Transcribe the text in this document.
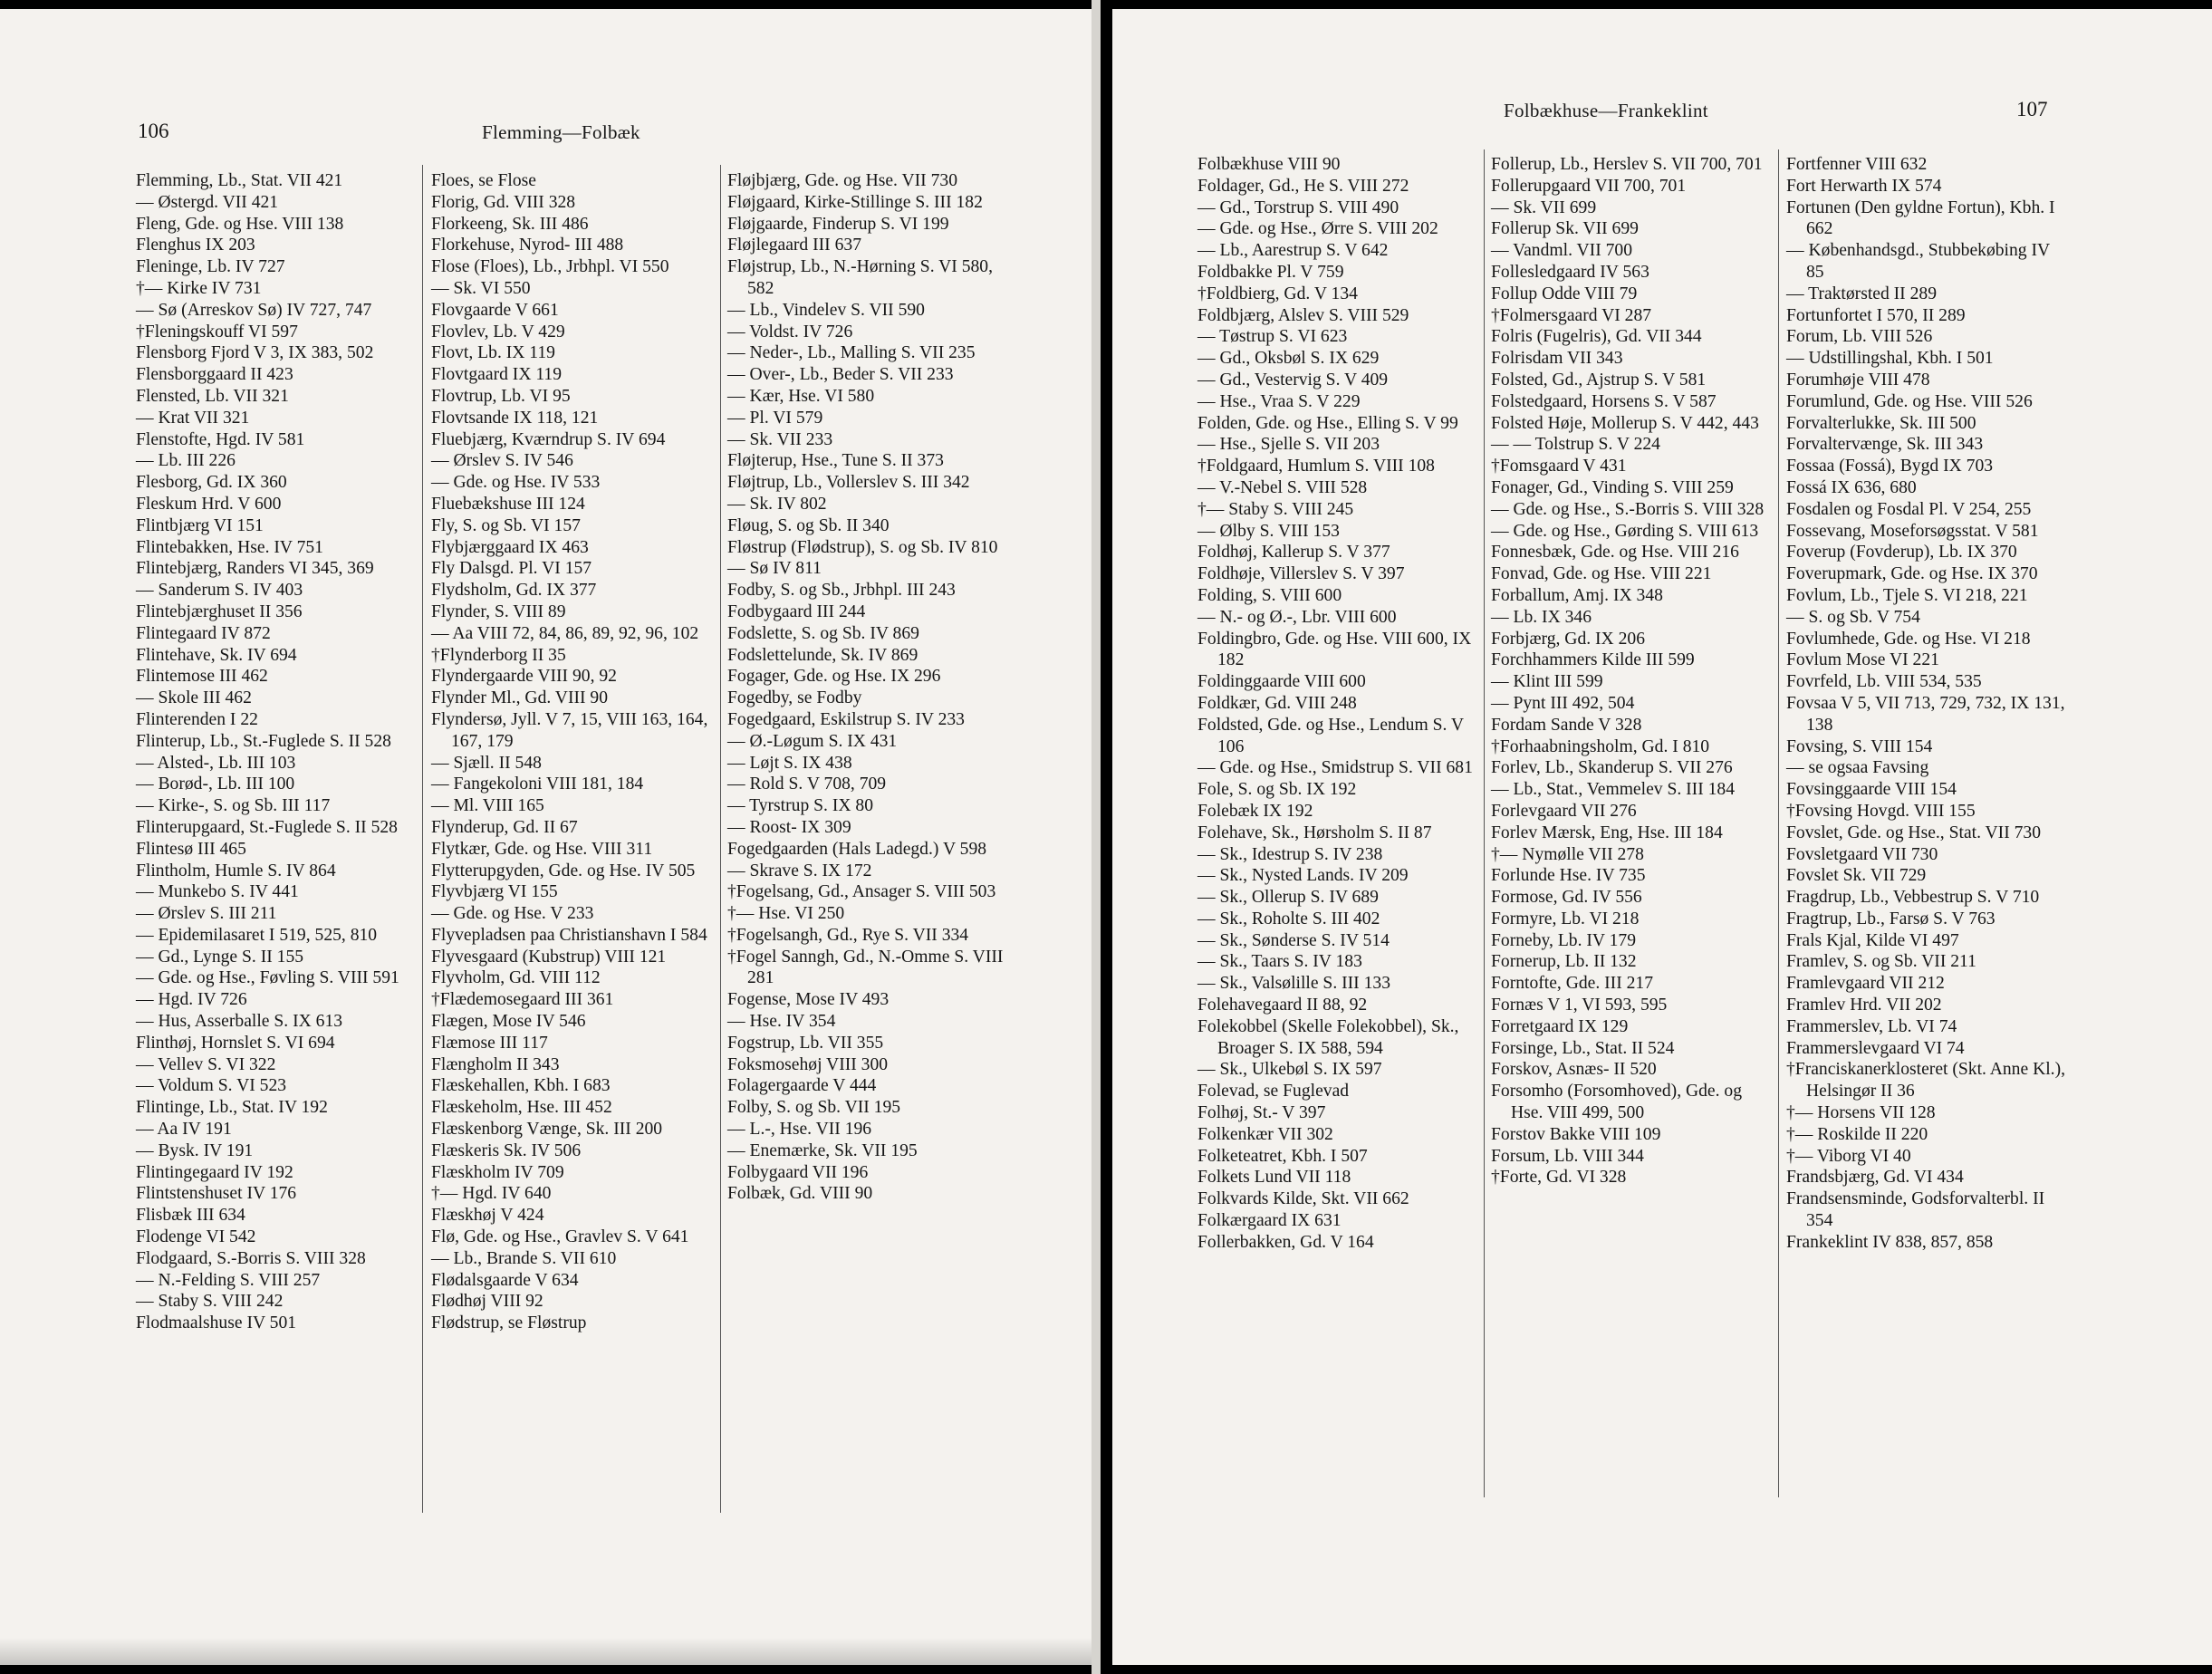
106	Flemming—Folbæk
Flemming, Lb., Stat. VII 421
— Østergd. VII 421
Fleng, Gde. og Hse. VIII 138
Flenghus IX 203
Fleninge, Lb. IV 727
†— Kirke IV 731
— Sø (Arreskov Sø) IV 727, 747
†Fleningskouff VI 597
Flensborg Fjord V 3, IX 383, 502
Flensborggaard II 423
Flensted, Lb. VII 321
— Krat VII 321
Flenstofte, Hgd. IV 581
— Lb. III 226
Flesborg, Gd. IX 360
Fleskum Hrd. V 600
Flintbjærg VI 151
Flintebakken, Hse. IV 751
Flintebjærg, Randers VI 345, 369
— Sanderum S. IV 403
Flintebjærghuset II 356
Flintegaard IV 872
Flintehave, Sk. IV 694
Flintemose III 462
— Skole III 462
Flinterenden I 22
Flinterup, Lb., St.-Fuglede S. II 528
— Alsted-, Lb. III 103
— Borød-, Lb. III 100
— Kirke-, S. og Sb. III 117
Flinterupgaard, St.-Fuglede S. II 528
Flintesø III 465
Flintholm, Humle S. IV 864
— Munkebo S. IV 441
— Ørslev S. III 211
— Epidemilasaret I 519, 525, 810
— Gd., Lynge S. II 155
— Gde. og Hse., Føvling S. VIII 591
— Hgd. IV 726
— Hus, Asserballe S. IX 613
Flinthøj, Hornslet S. VI 694
— Vellev S. VI 322
— Voldum S. VI 523
Flintinge, Lb., Stat. IV 192
— Aa IV 191
— Bysk. IV 191
Flintingegaard IV 192
Flintstenshuset IV 176
Flisbæk III 634
Flodenge VI 542
Flodgaard, S.-Borris S. VIII 328
— N.-Felding S. VIII 257
— Staby S. VIII 242
Flodmaalshuse IV 501
Floes, se Flose
Florig, Gd. VIII 328
Florkeeng, Sk. III 486
Florkehuse, Nyrod- III 488
Flose (Floes), Lb., Jrbhpl. VI 550
— Sk. VI 550
Flovgaarde V 661
Flovlev, Lb. V 429
Flovt, Lb. IX 119
Flovtgaard IX 119
Flovtrup, Lb. VI 95
Flovtsande IX 118, 121
Fluebjærg, Kværndrup S. IV 694
— Ørslev S. IV 546
— Gde. og Hse. IV 533
Fluebækshuse III 124
Fly, S. og Sb. VI 157
Flybjærggaard IX 463
Fly Dalsgd. Pl. VI 157
Flydsholm, Gd. IX 377
Flynder, S. VIII 89
— Aa VIII 72, 84, 86, 89, 92, 96, 102
†Flynderborg II 35
Flyndergaarde VIII 90, 92
Flynder Ml., Gd. VIII 90
Flyndersø, Jyll. V 7, 15, VIII 163, 164, 167, 179
— Sjæll. II 548
— Fangekoloni VIII 181, 184
— Ml. VIII 165
Flynderup, Gd. II 67
Flytkær, Gde. og Hse. VIII 311
Flytterupgyden, Gde. og Hse. IV 505
Flyvbjærg VI 155
— Gde. og Hse. V 233
Flyvepladsen paa Christianshavn I 584
Flyvesgaard (Kubstrup) VIII 121
Flyvholm, Gd. VIII 112
†Flædemosegaard III 361
Flægen, Mose IV 546
Flæmose III 117
Flængholm II 343
Flæskehallen, Kbh. I 683
Flæskeholm, Hse. III 452
Flæskenborg Vænge, Sk. III 200
Flæskeris Sk. IV 506
Flæskholm IV 709
†— Hgd. IV 640
Flæskhøj V 424
Flø, Gde. og Hse., Gravlev S. V 641
— Lb., Brande S. VII 610
Flødalsgaarde V 634
Flødhøj VIII 92
Flødstrup, se Fløstrup
Fløjbjærg, Gde. og Hse. VII 730
Fløjgaard, Kirke-Stillinge S. III 182
Fløjgaarde, Finderup S. VI 199
Fløjlegaard III 637
Fløjstrup, Lb., N.-Hørning S. VI 580, 582
— Lb., Vindelev S. VII 590
— Voldst. IV 726
— Neder-, Lb., Malling S. VII 235
— Over-, Lb., Beder S. VII 233
— Kær, Hse. VI 580
— Pl. VI 579
— Sk. VII 233
Fløjterup, Hse., Tune S. II 373
Fløjtrup, Lb., Vollerslev S. III 342
— Sk. IV 802
Fløug, S. og Sb. II 340
Fløstrup (Flødstrup), S. og Sb. IV 810
— Sø IV 811
Fodby, S. og Sb., Jrbhpl. III 243
Fodbygaard III 244
Fodslette, S. og Sb. IV 869
Fodslettelunde, Sk. IV 869
Fogager, Gde. og Hse. IX 296
Fogedby, se Fodby
Fogedgaard, Eskilstrup S. IV 233
— Ø.-Løgum S. IX 431
— Løjt S. IX 438
— Rold S. V 708, 709
— Tyrstrup S. IX 80
— Roost- IX 309
Fogedgaarden (Hals Ladegd.) V 598
— Skrave S. IX 172
†Fogelsang, Gd., Ansager S. VIII 503
†— Hse. VI 250
†Fogelsangh, Gd., Rye S. VII 334
†Fogel Sanngh, Gd., N.-Omme S. VIII 281
Fogense, Mose IV 493
— Hse. IV 354
Fogstrup, Lb. VII 355
Foksmosehøj VIII 300
Folagergaarde V 444
Folby, S. og Sb. VII 195
— L.-, Hse. VII 196
— Enemærke, Sk. VII 195
Folbygaard VII 196
Folbæk, Gd. VIII 90
Folbækhuse—Frankeklint	107
Folbækhuse VIII 90
Foldager, Gd., He S. VIII 272
— Gd., Torstrup S. VIII 490
— Gde. og Hse., Ørre S. VIII 202
— Lb., Aarestrup S. V 642
Foldbakke Pl. V 759
†Foldbierg, Gd. V 134
Foldbjærg, Alslev S. VIII 529
— Tøstrup S. VI 623
— Gd., Oksbøl S. IX 629
— Gd., Vestervig S. V 409
— Hse., Vraa S. V 229
Folden, Gde. og Hse., Elling S. V 99
— Hse., Sjelle S. VII 203
†Foldgaard, Humlum S. VIII 108
— V.-Nebel S. VIII 528
†— Staby S. VIII 245
— Ølby S. VIII 153
Foldhøj, Kallerup S. V 377
Foldhøje, Villerslev S. V 397
Folding, S. VIII 600
— N.- og Ø.-, Lbr. VIII 600
Foldingbro, Gde. og Hse. VIII 600, IX 182
Foldinggaarde VIII 600
Foldkær, Gd. VIII 248
Foldsted, Gde. og Hse., Lendum S. V 106
— Gde. og Hse., Smidstrup S. VII 681
Fole, S. og Sb. IX 192
Folebæk IX 192
Folehave, Sk., Hørsholm S. II 87
— Sk., Idestrup S. IV 238
— Sk., Nysted Lands. IV 209
— Sk., Ollerup S. IV 689
— Sk., Roholte S. III 402
— Sk., Sønderse S. IV 514
— Sk., Taars S. IV 183
— Sk., Valsølille S. III 133
Folehavegaard II 88, 92
Folekobbel (Skelle Folekobbel), Sk., Broager S. IX 588, 594
— Sk., Ulkebøl S. IX 597
Folevad, se Fuglevad
Folhøj, St.- V 397
Folkenkær VII 302
Folketeatret, Kbh. I 507
Folkets Lund VII 118
Folkvards Kilde, Skt. VII 662
Folkærgaard IX 631
Follerbakken, Gd. V 164
Follerup, Lb., Herslev S. VII 700, 701
Follerupgaard VII 700, 701
— Sk. VII 699
Follerup Sk. VII 699
— Vandml. VII 700
Follesledgaard IV 563
Follup Odde VIII 79
†Folmersgaard VI 287
Folris (Fugelris), Gd. VII 344
Folrisdam VII 343
Folsted, Gd., Ajstrup S. V 581
Folstedgaard, Horsens S. V 587
Folsted Høje, Mollerup S. V 442, 443
— — Tolstrup S. V 224
†Fomsgaard V 431
Fonager, Gd., Vinding S. VIII 259
— Gde. og Hse., S.-Borris S. VIII 328
— Gde. og Hse., Gørding S. VIII 613
Fonnesbæk, Gde. og Hse. VIII 216
Fonvad, Gde. og Hse. VIII 221
Forballum, Amj. IX 348
— Lb. IX 346
Forbjærg, Gd. IX 206
Forchhammers Kilde III 599
— Klint III 599
— Pynt III 492, 504
Fordam Sande V 328
†Forhaabningsholm, Gd. I 810
Forlev, Lb., Skanderup S. VII 276
— Lb., Stat., Vemmelev S. III 184
Forlevgaard VII 276
Forlev Mærsk, Eng, Hse. III 184
†— Nymølle VII 278
Forlunde Hse. IV 735
Formose, Gd. IV 556
Formyre, Lb. VI 218
Forneby, Lb. IV 179
Fornerup, Lb. II 132
Forntofte, Gde. III 217
Fornæs V 1, VI 593, 595
Forretgaard IX 129
Forsinge, Lb., Stat. II 524
Forskov, Asnæs- II 520
Forsomho (Forsomhoved), Gde. og Hse. VIII 499, 500
Forstov Bakke VIII 109
Forsum, Lb. VIII 344
†Forte, Gd. VI 328
Fortfenner VIII 632
Fort Herwarth IX 574
Fortunen (Den gyldne Fortun), Kbh. I 662
— Københandsgd., Stubbekøbing IV 85
— Traktørsted II 289
Fortunfortet I 570, II 289
Forum, Lb. VIII 526
— Udstillingshal, Kbh. I 501
Forumhøje VIII 478
Forumlund, Gde. og Hse. VIII 526
Forvalterlukke, Sk. III 500
Forvaltervænge, Sk. III 343
Fossaa (Fossá), Bygd IX 703
Fossá IX 636, 680
Fosdalen og Fosdal Pl. V 254, 255
Fossevang, Moseforsøgsstat. V 581
Foverup (Fovderup), Lb. IX 370
Foverupmark, Gde. og Hse. IX 370
Fovlum, Lb., Tjele S. VI 218, 221
— S. og Sb. V 754
Fovlumhede, Gde. og Hse. VI 218
Fovlum Mose VI 221
Fovrfeld, Lb. VIII 534, 535
Fovsaa V 5, VII 713, 729, 732, IX 131, 138
Fovsing, S. VIII 154
— se ogsaa Favsing
Fovsinggaarde VIII 154
†Fovsing Hovgd. VIII 155
Fovslet, Gde. og Hse., Stat. VII 730
Fovsletgaard VII 730
Fovslet Sk. VII 729
Fragdrup, Lb., Vebbestrup S. V 710
Fragtrup, Lb., Farsø S. V 763
Frals Kjal, Kilde VI 497
Framlev, S. og Sb. VII 211
Framlevgaard VII 212
Framlev Hrd. VII 202
Frammerslev, Lb. VI 74
Frammerslevgaard VI 74
†Franciskanerklosteret (Skt. Anne Kl.), Helsingør II 36
†— Horsens VII 128
†— Roskilde II 220
†— Viborg VI 40
Frandsbjærg, Gd. VI 434
Frandsensminde, Godsforvalterbl. II 354
Frankeklint IV 838, 857, 858
